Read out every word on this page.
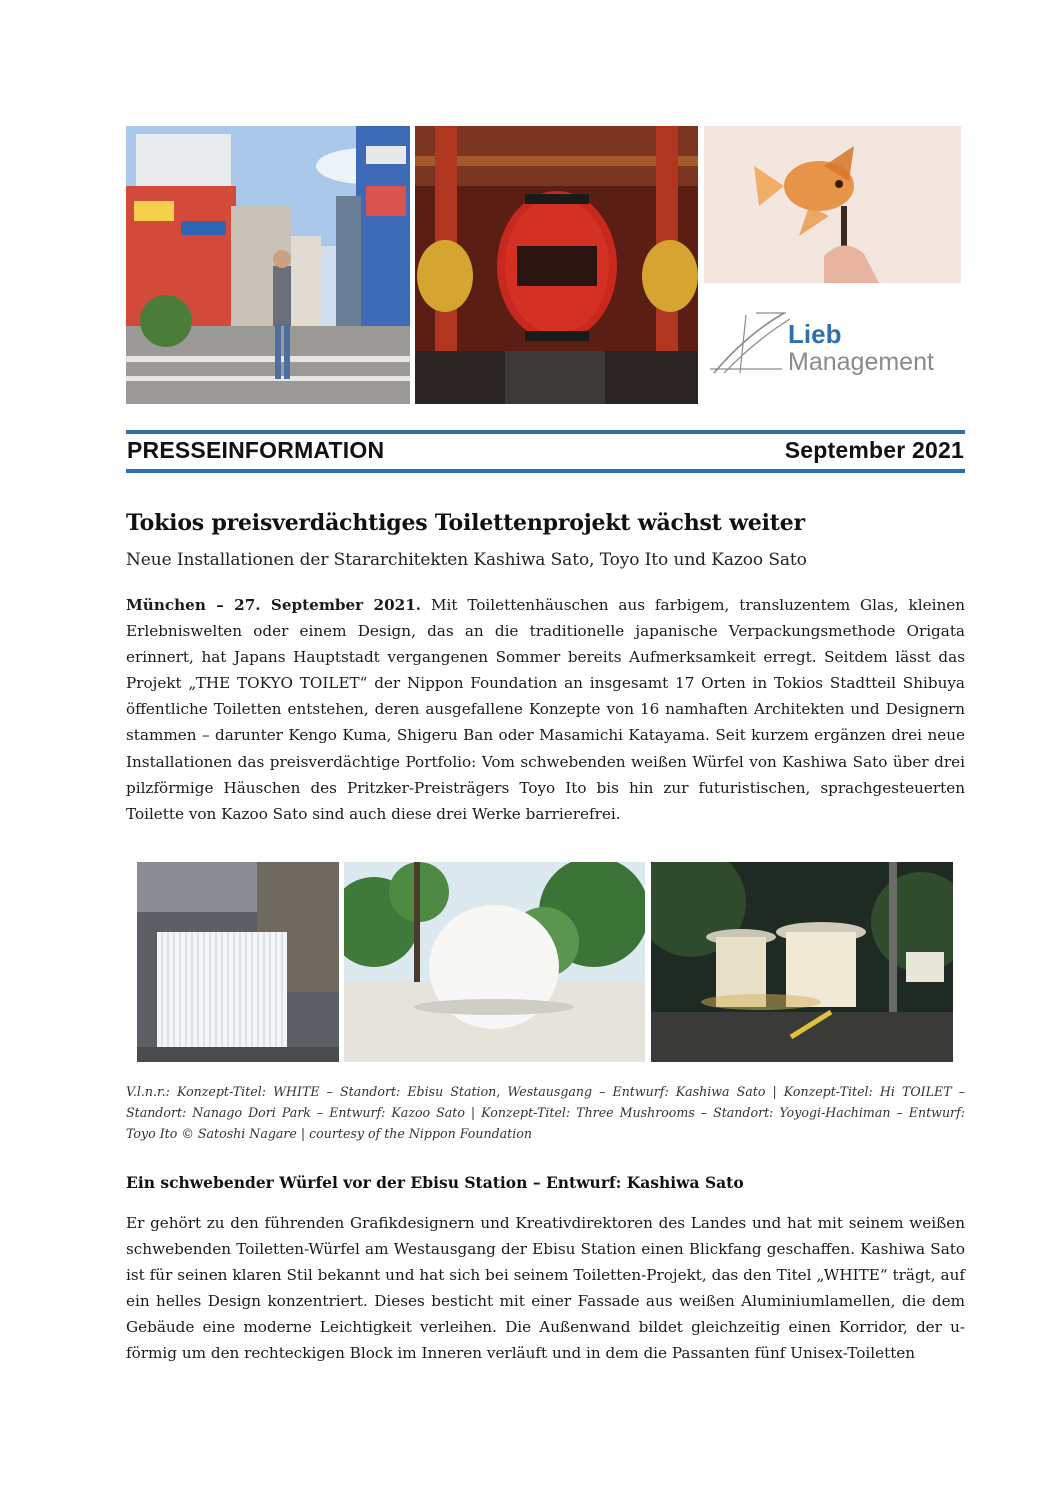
Lieb
Management
PRESSEINFORMATION	September 2021
Tokios preisverdächtiges Toilettenprojekt wächst weiter
Neue Installationen der Stararchitekten Kashiwa Sato, Toyo Ito und Kazoo Sato

München – 27. September 2021. Mit Toilettenhäuschen aus farbigem, transluzentem Glas, kleinen Erlebniswelten oder einem Design, das an die traditionelle japanische Verpackungsmethode Origata erinnert, hat Japans Hauptstadt vergangenen Sommer bereits Aufmerksamkeit erregt. Seitdem lässt das Projekt „THE TOKYO TOILET“ der Nippon Foundation an insgesamt 17 Orten in Tokios Stadtteil Shibuya öffentliche Toiletten entstehen, deren ausgefallene Konzepte von 16 namhaften Architekten und Designern stammen – darunter Kengo Kuma, Shigeru Ban oder Masamichi Katayama. Seit kurzem ergänzen drei neue Installationen das preisverdächtige Portfolio: Vom schwebenden weißen Würfel von Kashiwa Sato über drei pilzförmige Häuschen des Pritzker-Preisträgers Toyo Ito bis hin zur futuristischen, sprachgesteuerten Toilette von Kazoo Sato sind auch diese drei Werke barrierefrei.

V.l.n.r.: Konzept-Titel: WHITE – Standort: Ebisu Station, Westausgang – Entwurf: Kashiwa Sato | Konzept-Titel: Hi TOILET – Standort: Nanago Dori Park – Entwurf: Kazoo Sato | Konzept-Titel: Three Mushrooms – Standort: Yoyogi-Hachiman – Entwurf: Toyo Ito © Satoshi Nagare | courtesy of the Nippon Foundation

Ein schwebender Würfel vor der Ebisu Station – Entwurf: Kashiwa Sato

Er gehört zu den führenden Grafikdesignern und Kreativdirektoren des Landes und hat mit seinem weißen schwebenden Toiletten-Würfel am Westausgang der Ebisu Station einen Blickfang geschaffen. Kashiwa Sato ist für seinen klaren Stil bekannt und hat sich bei seinem Toiletten-Projekt, das den Titel „WHITE“ trägt, auf ein helles Design konzentriert. Dieses besticht mit einer Fassade aus weißen Aluminiumlamellen, die dem Gebäude eine moderne Leichtigkeit verleihen. Die Außenwand bildet gleichzeitig einen Korridor, der u-förmig um den rechteckigen Block im Inneren verläuft und in dem die Passanten fünf Unisex-Toiletten
